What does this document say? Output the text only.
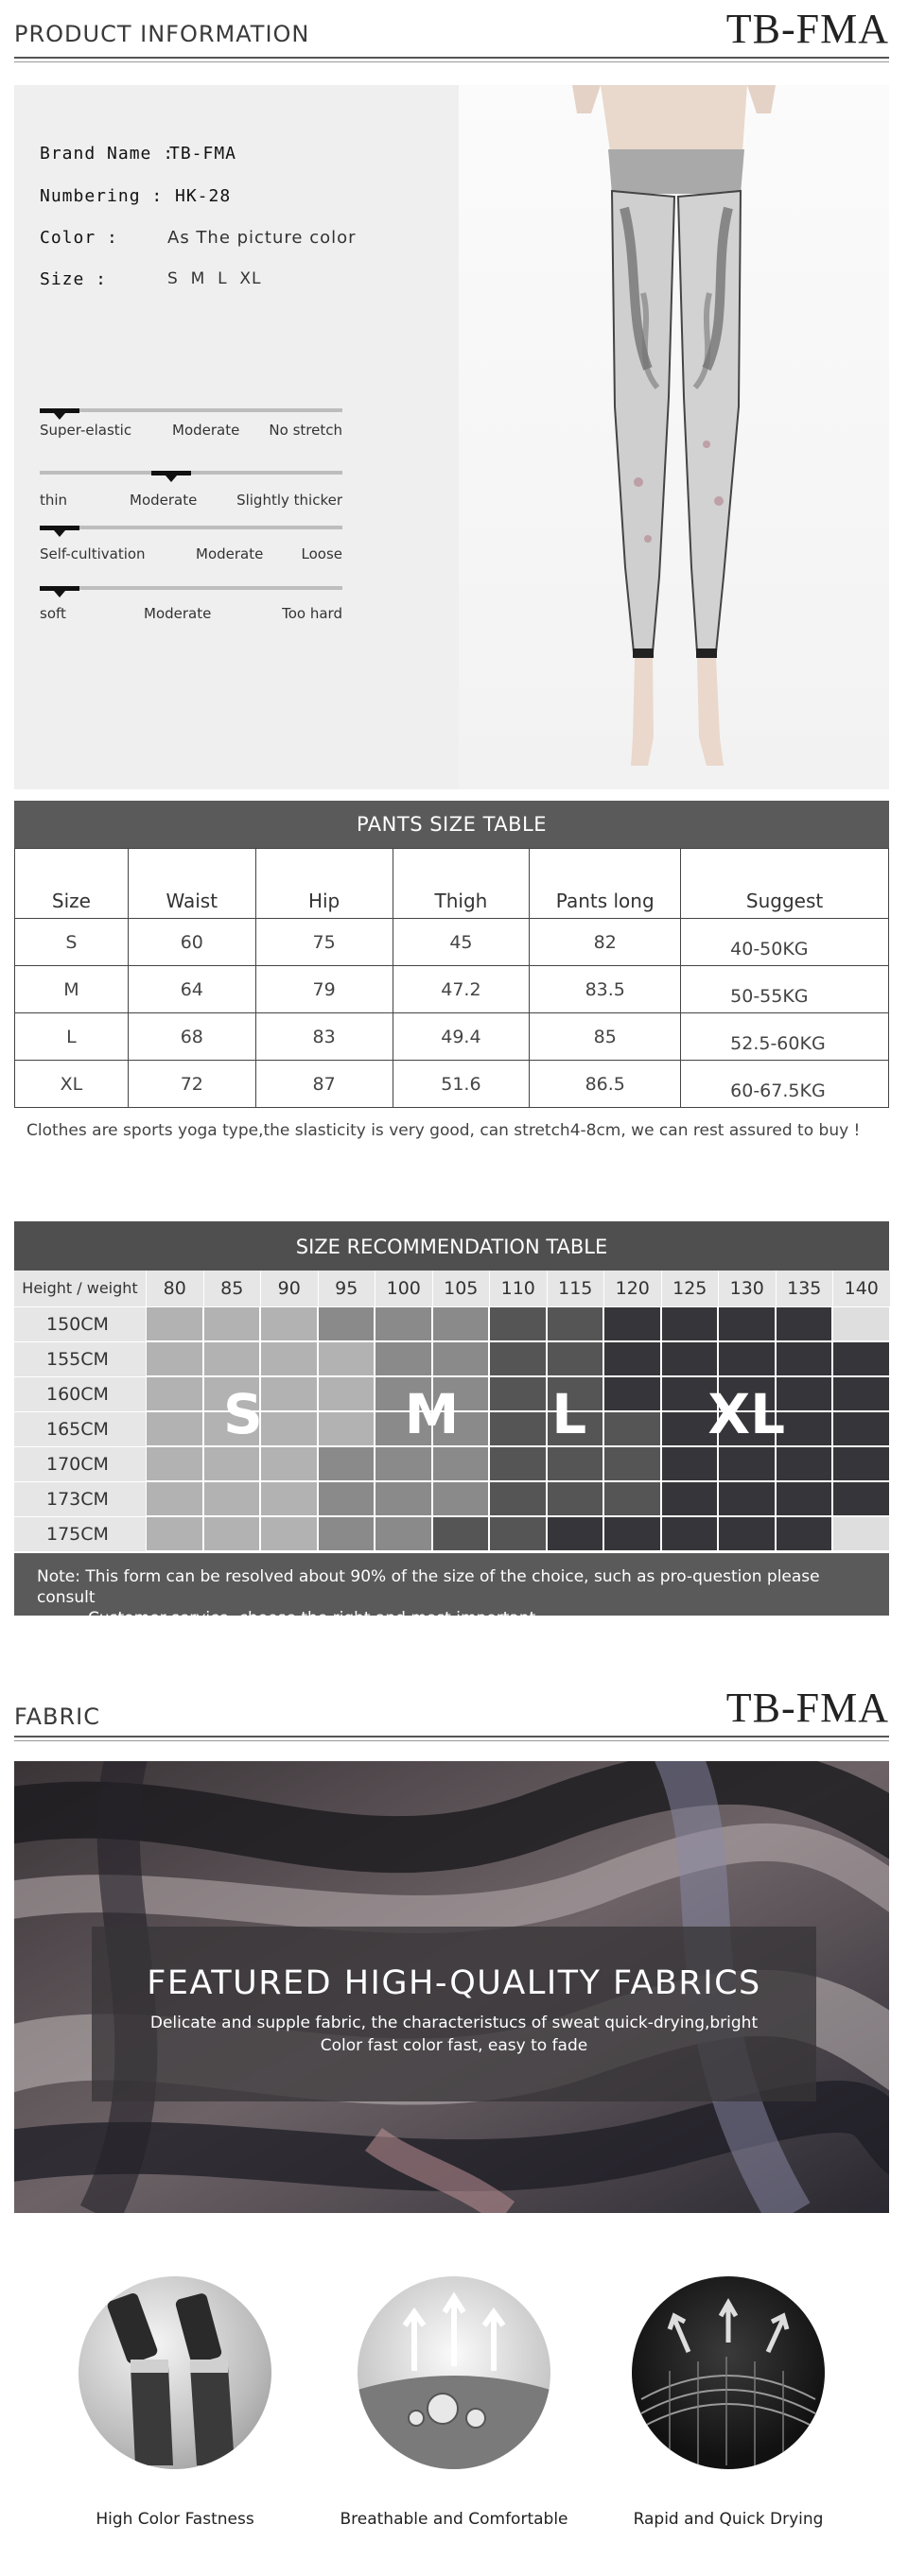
PRODUCT INFORMATION	TB-FMA
Brand Name :
TB-FMA
Numbering : HK-28
Color :	As The picture color
Size :	S  M  L  XL
Super-elastic	Moderate No stretch
thin	Moderate	Slightly thicker
Self-cultivation	Moderate	Loose
soft	Moderate	Too hard
PANTS SIZE TABLE
Size	Waist	Hip	Thigh	Pants long	Suggest
S	60	75	45	82	40-50KG
M	64	79	47.2	83.5	50-55KG
L	68	83	49.4	85	52.5-60KG
XL	72	87	51.6	86.5	60-67.5KG
Clothes are sports yoga type,the slasticity is very good, can stretch4-8cm, we can rest assured to buy !
SIZE RECOMMENDATION TABLE
Height / weight	80	85	90	95	100	105	110	115	120	125	130	135	140
150CM
155CM
160CM
165CM
170CM
173CM
175CM
S	M	L	XL
Note: This form can be resolved about 90% of the size of the choice, such as pro-question please consult
Customer service, choose the right and most important.
FABRIC	TB-FMA
FEATURED HIGH-QUALITY FABRICS

Delicate and supple fabric, the characteristucs of sweat quick-drying,bright
Color fast color fast, easy to fade

High Color Fastness	Breathable and Comfortable	Rapid and Quick Drying
